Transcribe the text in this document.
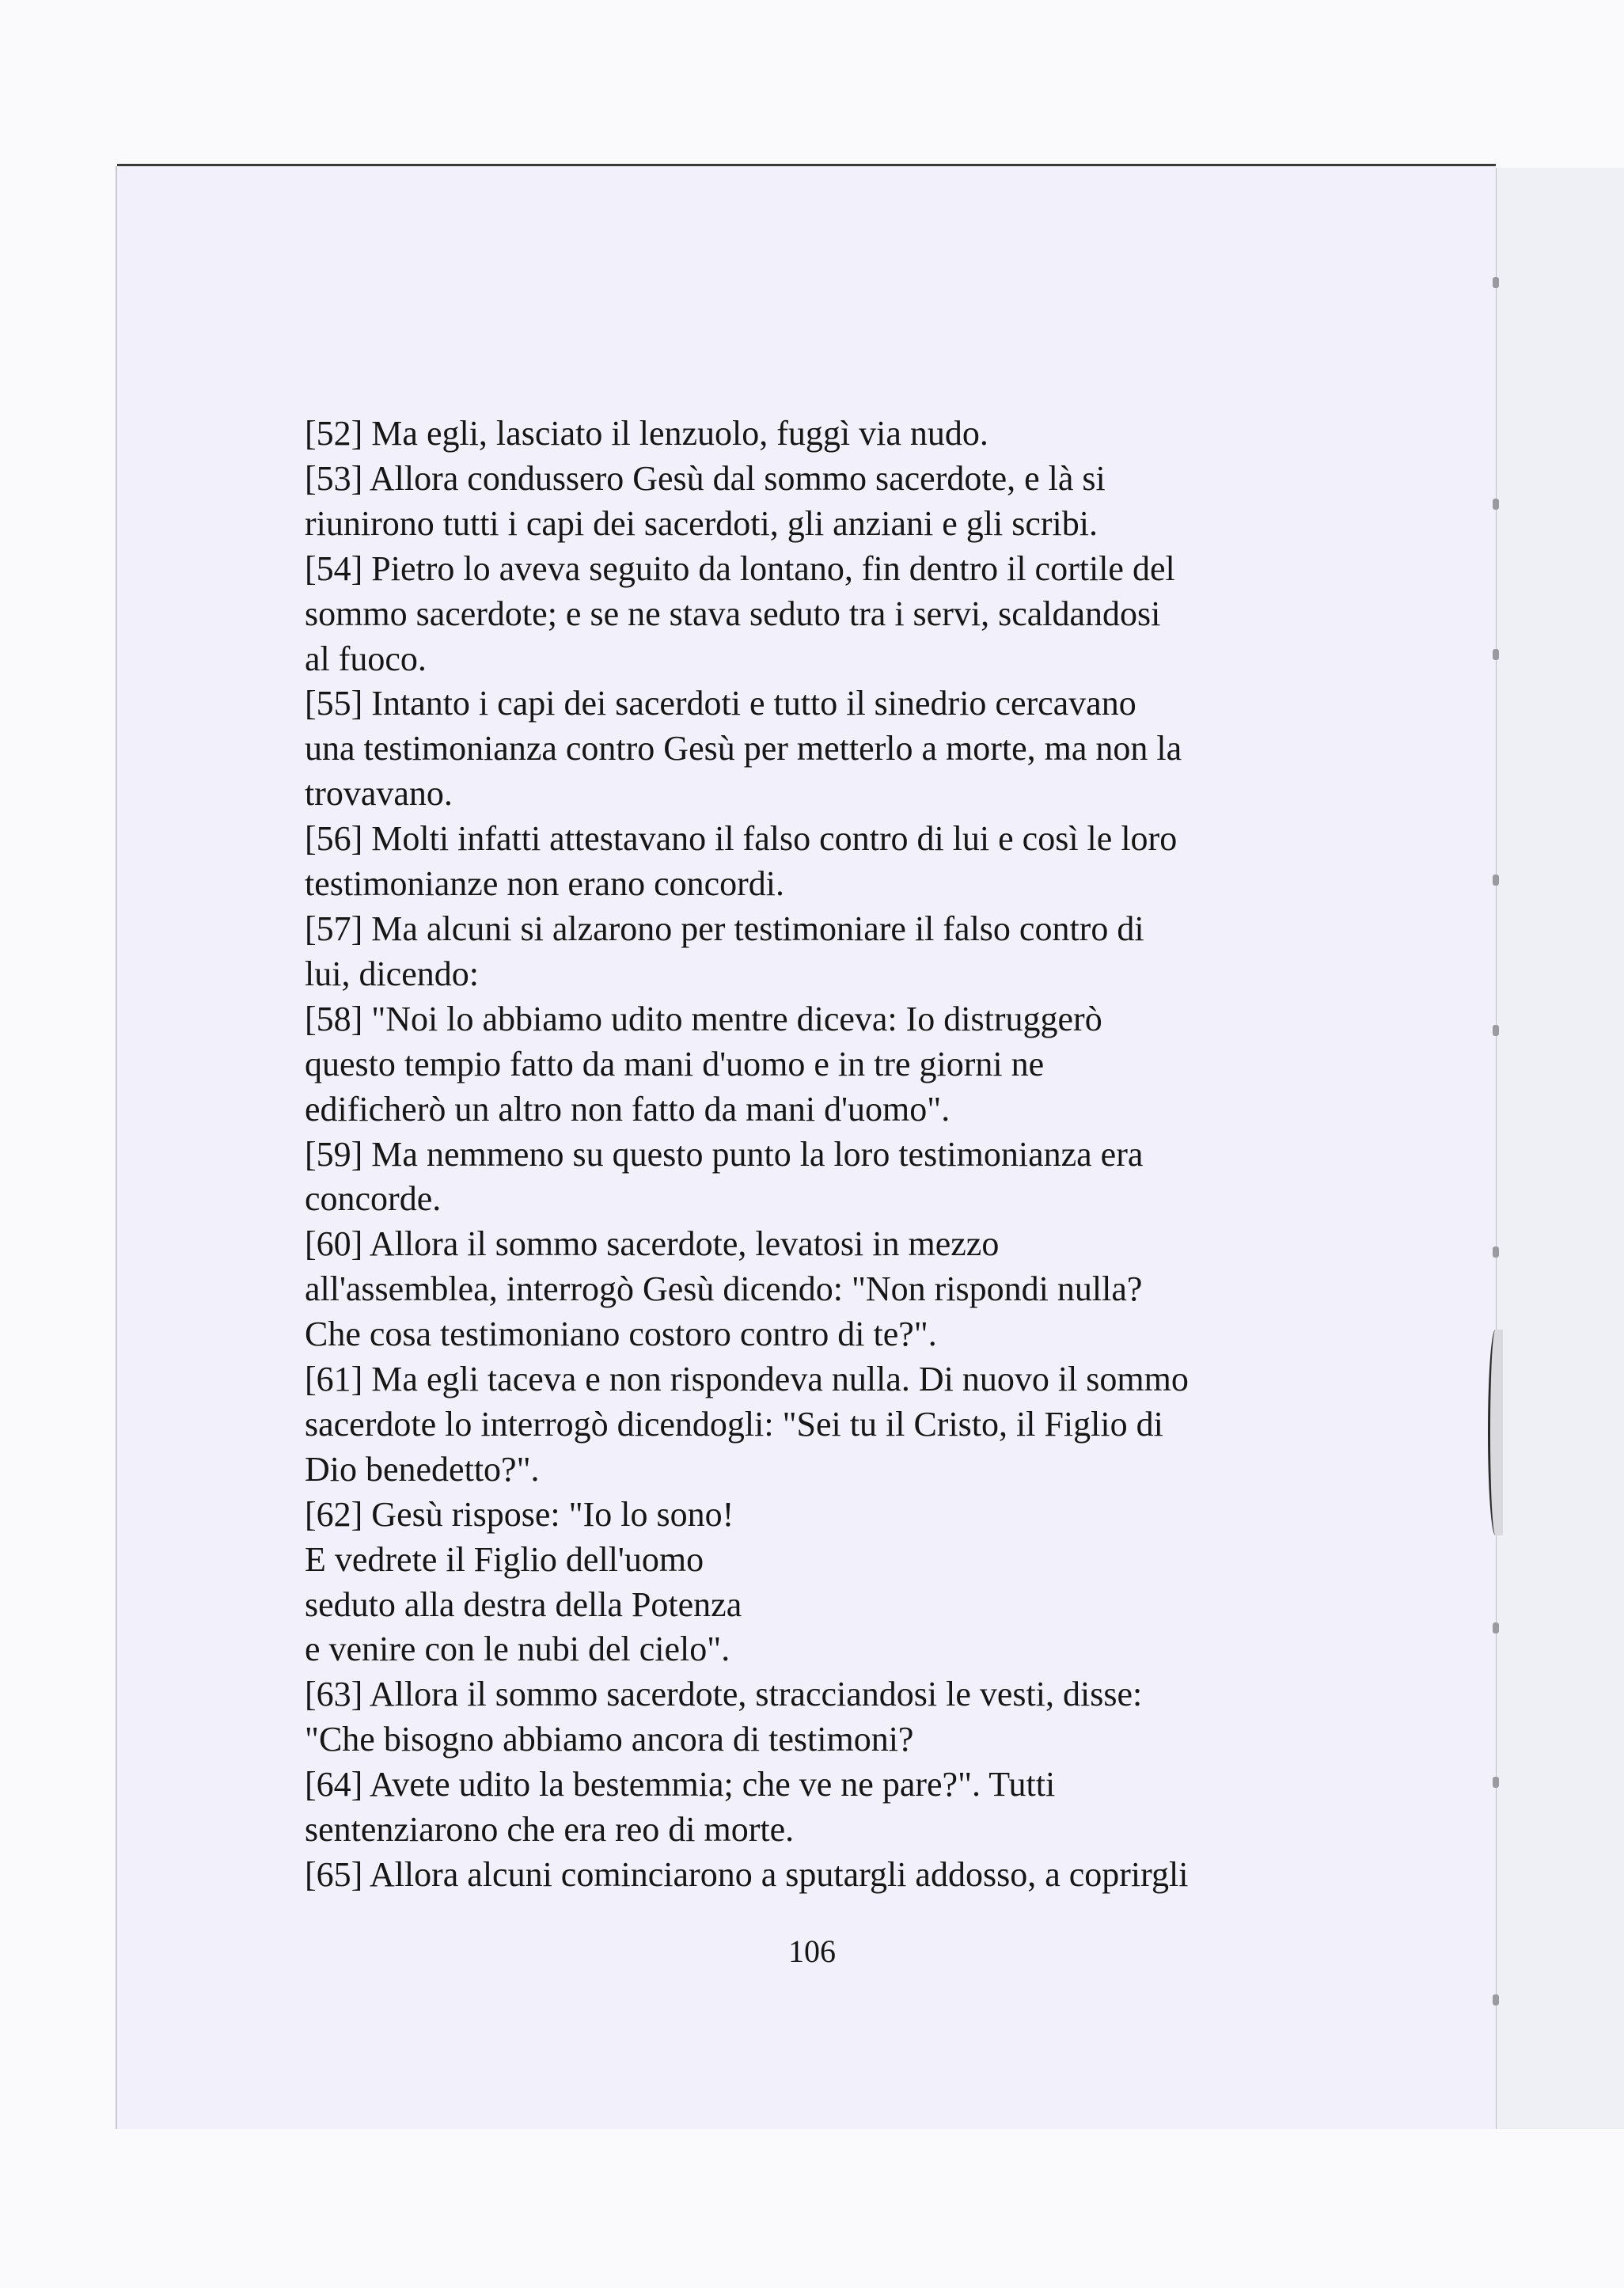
[52] Ma egli, lasciato il lenzuolo, fuggì via nudo.

[53] Allora condussero Gesù dal sommo sacerdote, e là si
riunirono tutti i capi dei sacerdoti, gli anziani e gli scribi.

[54] Pietro lo aveva seguito da lontano, fin dentro il cortile del
sommo sacerdote; e se ne stava seduto tra i servi, scaldandosi
al fuoco.

[55] Intanto i capi dei sacerdoti e tutto il sinedrio cercavano
una testimonianza contro Gesù per metterlo a morte, ma non la
trovavano.

[56] Molti infatti attestavano il falso contro di lui e così le loro
testimonianze non erano concordi.

[57] Ma alcuni si alzarono per testimoniare il falso contro di
lui, dicendo:

[58] "Noi lo abbiamo udito mentre diceva: Io distruggerò
questo tempio fatto da mani d'uomo e in tre giorni ne
edificherò un altro non fatto da mani d'uomo".

[59] Ma nemmeno su questo punto la loro testimonianza era
concorde.

[60] Allora il sommo sacerdote, levatosi in mezzo
all'assemblea, interrogò Gesù dicendo: "Non rispondi nulla?
Che cosa testimoniano costoro contro di te?".

[61] Ma egli taceva e non rispondeva nulla. Di nuovo il sommo
sacerdote lo interrogò dicendogli: "Sei tu il Cristo, il Figlio di
Dio benedetto?".

[62] Gesù rispose: "Io lo sono!
E vedrete il Figlio dell'uomo
seduto alla destra della Potenza
e venire con le nubi del cielo".

[63] Allora il sommo sacerdote, stracciandosi le vesti, disse:
"Che bisogno abbiamo ancora di testimoni?

[64] Avete udito la bestemmia; che ve ne pare?". Tutti
sentenziarono che era reo di morte.

[65] Allora alcuni cominciarono a sputargli addosso, a coprirgli

106
